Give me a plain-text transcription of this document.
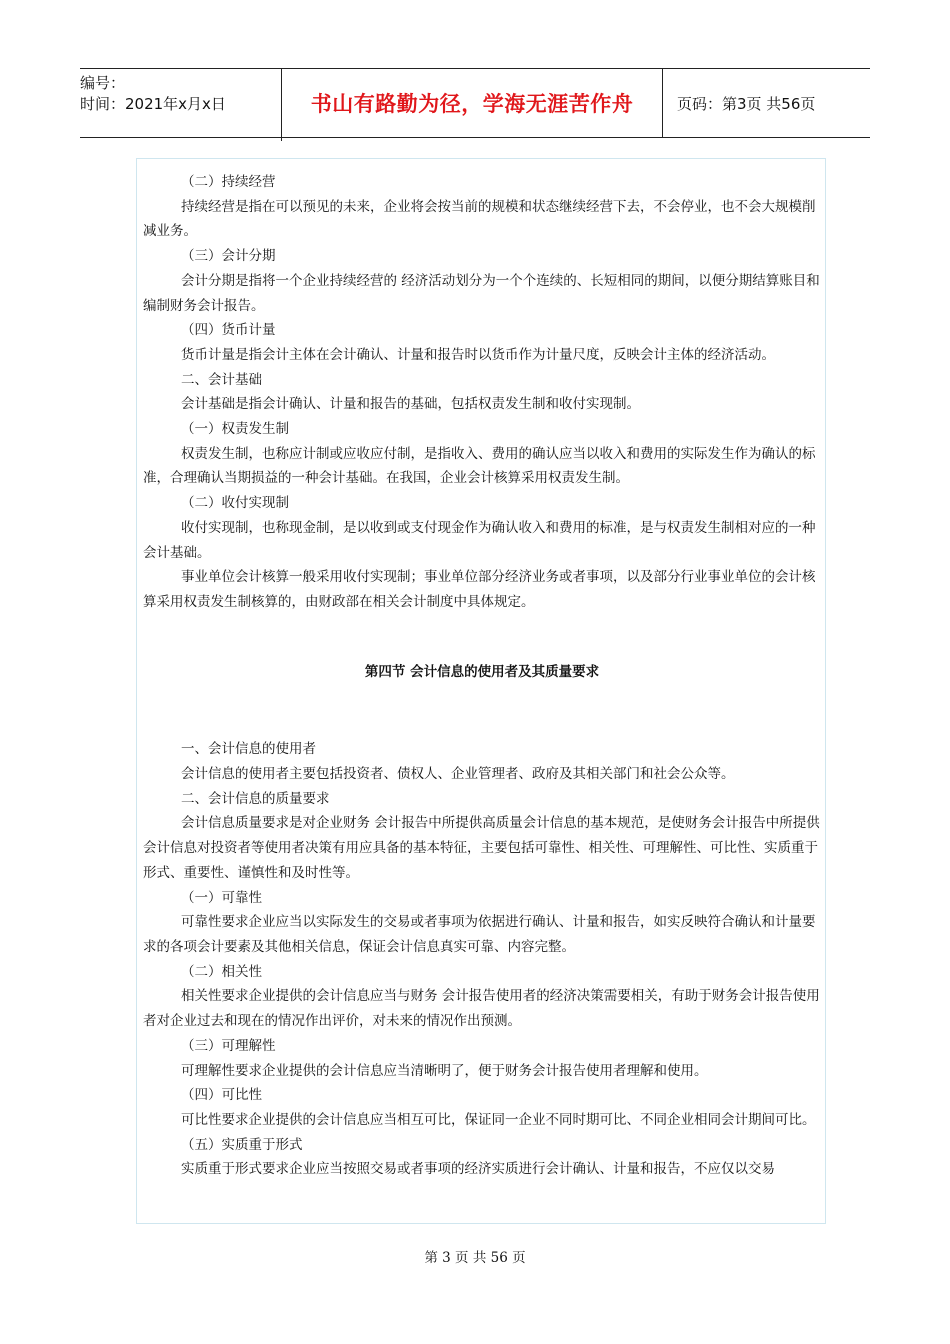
编号：
时间：2021年x月x日	书山有路勤为径，学海无涯苦作舟	页码：第3页 共56页

（二）持续经营

持续经营是指在可以预见的未来，企业将会按当前的规模和状态继续经营下去，不会停业，也不会大规模削减业务。

（三）会计分期

会计分期是指将一个企业持续经营的 经济活动划分为一个个连续的、长短相同的期间，以便分期结算账目和编制财务会计报告。

（四）货币计量

货币计量是指会计主体在会计确认、计量和报告时以货币作为计量尺度，反映会计主体的经济活动。

二、会计基础

会计基础是指会计确认、计量和报告的基础，包括权责发生制和收付实现制。

（一）权责发生制

权责发生制，也称应计制或应收应付制，是指收入、费用的确认应当以收入和费用的实际发生作为确认的标准，合理确认当期损益的一种会计基础。在我国，企业会计核算采用权责发生制。

（二）收付实现制

收付实现制，也称现金制，是以收到或支付现金作为确认收入和费用的标准，是与权责发生制相对应的一种会计基础。

事业单位会计核算一般采用收付实现制；事业单位部分经济业务或者事项，以及部分行业事业单位的会计核算采用权责发生制核算的，由财政部在相关会计制度中具体规定。

第四节 会计信息的使用者及其质量要求

一、会计信息的使用者

会计信息的使用者主要包括投资者、债权人、企业管理者、政府及其相关部门和社会公众等。

二、会计信息的质量要求

会计信息质量要求是对企业财务 会计报告中所提供高质量会计信息的基本规范，是使财务会计报告中所提供会计信息对投资者等使用者决策有用应具备的基本特征，主要包括可靠性、相关性、可理解性、可比性、实质重于形式、重要性、谨慎性和及时性等。

（一）可靠性

可靠性要求企业应当以实际发生的交易或者事项为依据进行确认、计量和报告，如实反映符合确认和计量要求的各项会计要素及其他相关信息，保证会计信息真实可靠、内容完整。

（二）相关性

相关性要求企业提供的会计信息应当与财务 会计报告使用者的经济决策需要相关，有助于财务会计报告使用者对企业过去和现在的情况作出评价，对未来的情况作出预测。

（三）可理解性

可理解性要求企业提供的会计信息应当清晰明了，便于财务会计报告使用者理解和使用。

（四）可比性

可比性要求企业提供的会计信息应当相互可比，保证同一企业不同时期可比、不同企业相同会计期间可比。

（五）实质重于形式

实质重于形式要求企业应当按照交易或者事项的经济实质进行会计确认、计量和报告，不应仅以交易

第 3 页 共 56 页
